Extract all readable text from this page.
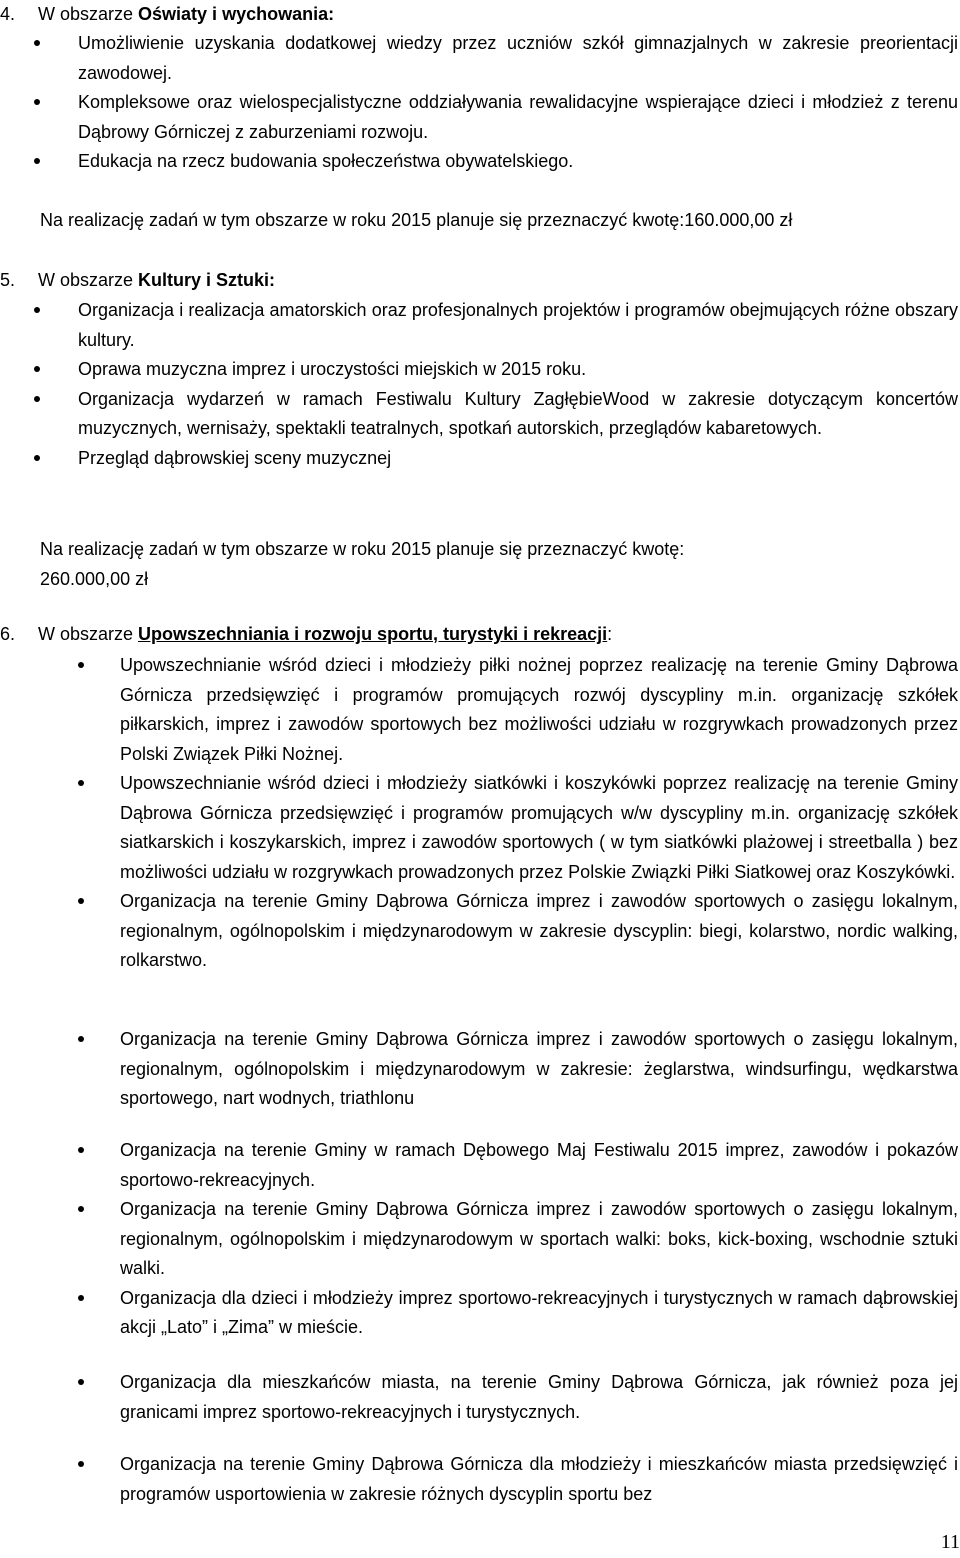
4. W obszarze Oświaty i wychowania:
Umożliwienie uzyskania dodatkowej wiedzy przez uczniów szkół gimnazjalnych w zakresie preorientacji zawodowej.
Kompleksowe oraz wielospecjalistyczne oddziaływania rewalidacyjne wspierające dzieci i młodzież z terenu Dąbrowy Górniczej z zaburzeniami rozwoju.
Edukacja na rzecz budowania społeczeństwa obywatelskiego.
Na realizację zadań w tym obszarze w roku 2015 planuje się przeznaczyć kwotę:160.000,00 zł
5. W obszarze Kultury i Sztuki:
Organizacja i realizacja amatorskich oraz profesjonalnych projektów i programów obejmujących różne obszary kultury.
Oprawa muzyczna imprez i uroczystości miejskich w 2015 roku.
Organizacja wydarzeń w ramach Festiwalu Kultury ZagłębieWood w zakresie dotyczącym koncertów muzycznych, wernisaży, spektakli teatralnych, spotkań autorskich, przeglądów kabaretowych.
Przegląd dąbrowskiej sceny muzycznej
Na realizację zadań w tym obszarze w roku 2015 planuje się przeznaczyć kwotę:
260.000,00 zł
6. W obszarze Upowszechniania i rozwoju sportu, turystyki i rekreacji:
Upowszechnianie wśród dzieci i młodzieży piłki nożnej poprzez realizację na terenie Gminy Dąbrowa Górnicza przedsięwzięć i programów promujących rozwój dyscypliny m.in. organizację szkółek piłkarskich, imprez i zawodów sportowych bez możliwości udziału w rozgrywkach prowadzonych przez Polski Związek Piłki Nożnej.
Upowszechnianie wśród dzieci i młodzieży siatkówki i koszykówki poprzez realizację na terenie Gminy Dąbrowa Górnicza przedsięwzięć i programów promujących w/w dyscypliny m.in. organizację szkółek siatkarskich i koszykarskich, imprez i zawodów sportowych ( w tym siatkówki plażowej i streetballa ) bez możliwości udziału w rozgrywkach prowadzonych przez Polskie Związki Piłki Siatkowej oraz Koszykówki.
Organizacja na terenie Gminy Dąbrowa Górnicza imprez i zawodów sportowych o zasięgu lokalnym, regionalnym, ogólnopolskim i międzynarodowym w zakresie dyscyplin: biegi, kolarstwo, nordic walking, rolkarstwo.
Organizacja na terenie Gminy Dąbrowa Górnicza imprez i zawodów sportowych o zasięgu lokalnym, regionalnym, ogólnopolskim i międzynarodowym w zakresie: żeglarstwa, windsurfingu, wędkarstwa sportowego, nart wodnych, triathlonu
Organizacja na terenie Gminy w ramach Dębowego Maj Festiwalu 2015 imprez, zawodów i pokazów sportowo-rekreacyjnych.
Organizacja na terenie Gminy Dąbrowa Górnicza imprez i zawodów sportowych o zasięgu lokalnym, regionalnym, ogólnopolskim i międzynarodowym w sportach walki: boks, kick-boxing, wschodnie sztuki walki.
Organizacja dla dzieci i młodzieży imprez sportowo-rekreacyjnych i turystycznych w ramach dąbrowskiej akcji „Lato” i „Zima” w mieście.
Organizacja dla mieszkańców miasta, na terenie Gminy Dąbrowa Górnicza, jak również poza jej granicami imprez sportowo-rekreacyjnych i turystycznych.
Organizacja na terenie Gminy Dąbrowa Górnicza dla młodzieży i mieszkańców miasta przedsięwzięć i programów usportowienia w zakresie różnych dyscyplin sportu bez
11
